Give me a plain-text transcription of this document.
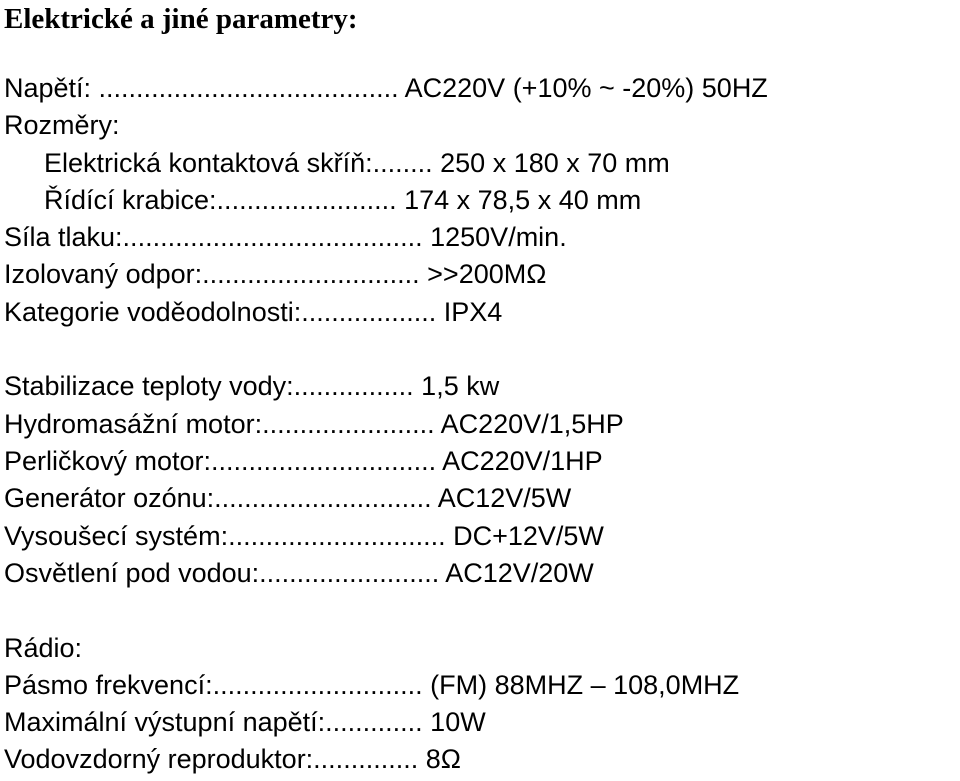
Elektrické a jiné parametry:
Napětí: ........................................ AC220V (+10% ~ -20%) 50HZ
Rozměry:
Elektrická kontaktová skříň:........ 250 x 180 x 70 mm
Řídící krabice:........................ 174 x 78,5 x 40 mm
Síla tlaku:........................................ 1250V/min.
Izolovaný odpor:............................. >>200MΩ
Kategorie voděodolnosti:.................. IPX4
Stabilizace teploty vody:................ 1,5 kw
Hydromasážní motor:....................... AC220V/1,5HP
Perličkový motor:.............................. AC220V/1HP
Generátor ozónu:............................. AC12V/5W
Vysoušecí systém:............................. DC+12V/5W
Osvětlení pod vodou:........................ AC12V/20W
Rádio:
Pásmo frekvencí:............................ (FM) 88MHZ – 108,0MHZ
Maximální výstupní napětí:............. 10W
Vodovzdorný reproduktor:.............. 8Ω
